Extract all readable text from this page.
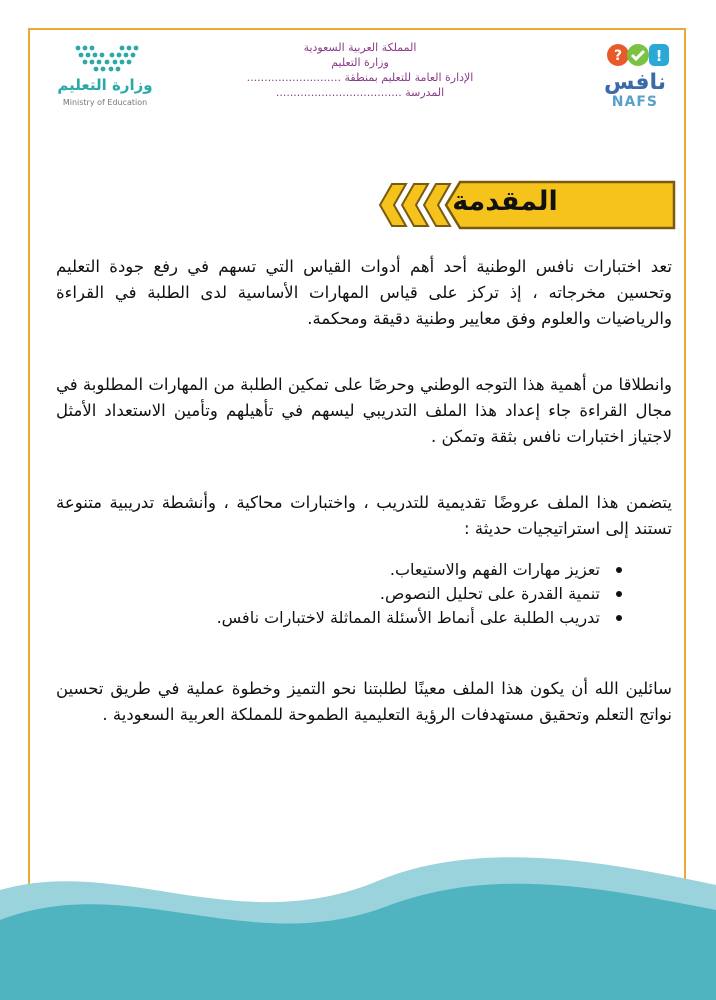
وزارة التعليم
Ministry of Education
المملكة العربية السعودية
وزارة التعليم
الإدارة العامة للتعليم بمنطقة ...........................
المدرسة ....................................
? !
نافس
NAFS
المقدمة

تعد اختبارات نافس الوطنية أحد أهم أدوات القياس التي تسهم في رفع جودة التعليم وتحسين مخرجاته ، إذ تركز على قياس المهارات الأساسية لدى الطلبة في القراءة والرياضيات والعلوم وفق معايير وطنية دقيقة ومحكمة.

وانطلاقا من أهمية هذا التوجه الوطني وحرصًا على تمكين الطلبة من المهارات المطلوبة في مجال القراءة جاء إعداد هذا الملف التدريبي ليسهم في تأهيلهم وتأمين الاستعداد الأمثل لاجتياز اختبارات نافس بثقة وتمكن .

يتضمن هذا الملف عروضًا تقديمية للتدريب ، واختبارات محاكية ، وأنشطة تدريبية متنوعة تستند إلى استراتيجيات حديثة :

تعزيز مهارات الفهم والاستيعاب.
تنمية القدرة على تحليل النصوص.
تدريب الطلبة على أنماط الأسئلة المماثلة لاختبارات نافس.

سائلين الله أن يكون هذا الملف معينًا لطلبتنا نحو التميز وخطوة عملية في طريق تحسين نواتج التعلم وتحقيق مستهدفات الرؤية التعليمية الطموحة للمملكة العربية السعودية .
